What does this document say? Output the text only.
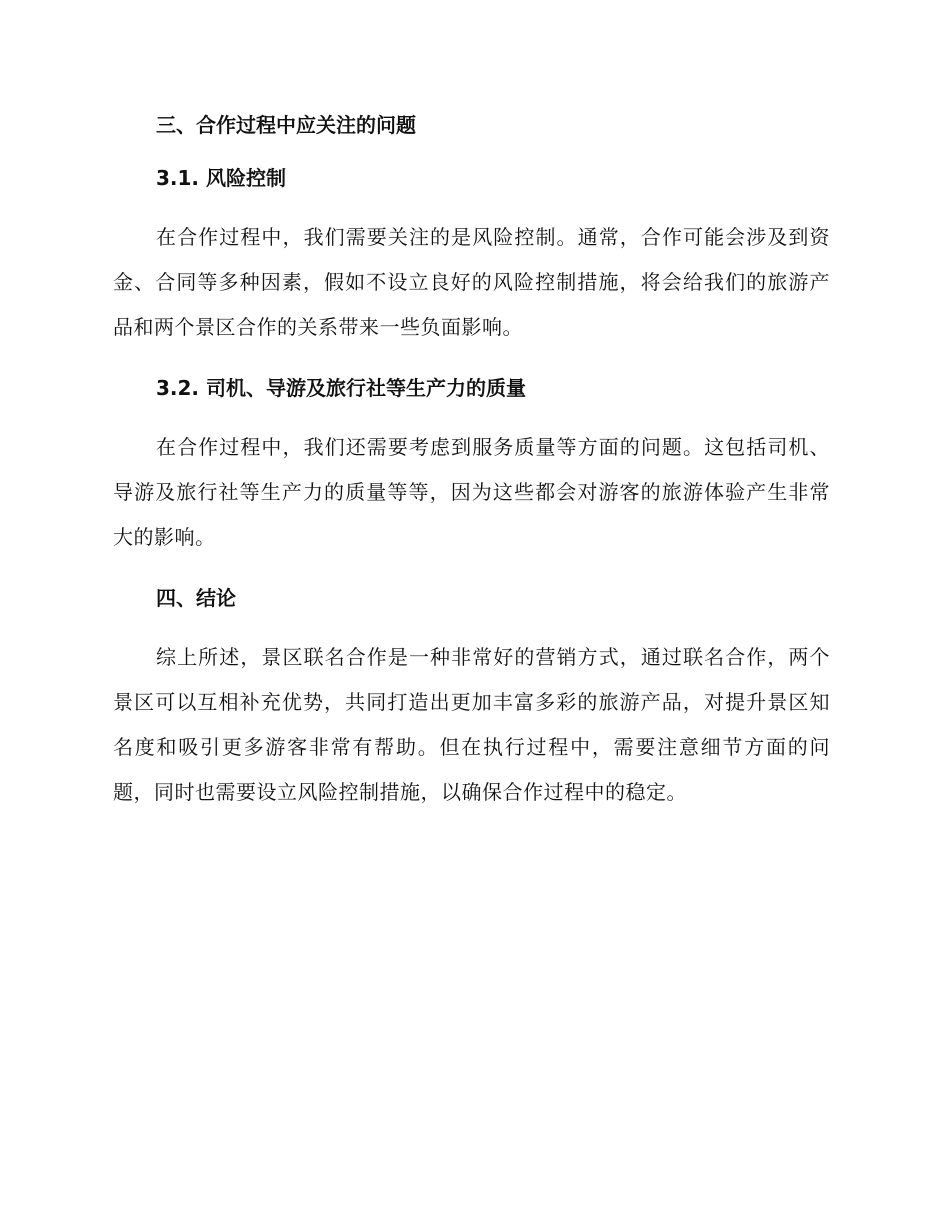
三、合作过程中应关注的问题
3.1. 风险控制

在合作过程中，我们需要关注的是风险控制。通常，合作可能会涉及到资金、合同等多种因素，假如不设立良好的风险控制措施，将会给我们的旅游产品和两个景区合作的关系带来一些负面影响。

3.2. 司机、导游及旅行社等生产力的质量

在合作过程中，我们还需要考虑到服务质量等方面的问题。这包括司机、导游及旅行社等生产力的质量等等，因为这些都会对游客的旅游体验产生非常大的影响。

四、结论

综上所述，景区联名合作是一种非常好的营销方式，通过联名合作，两个景区可以互相补充优势，共同打造出更加丰富多彩的旅游产品，对提升景区知名度和吸引更多游客非常有帮助。但在执行过程中，需要注意细节方面的问题，同时也需要设立风险控制措施，以确保合作过程中的稳定。
